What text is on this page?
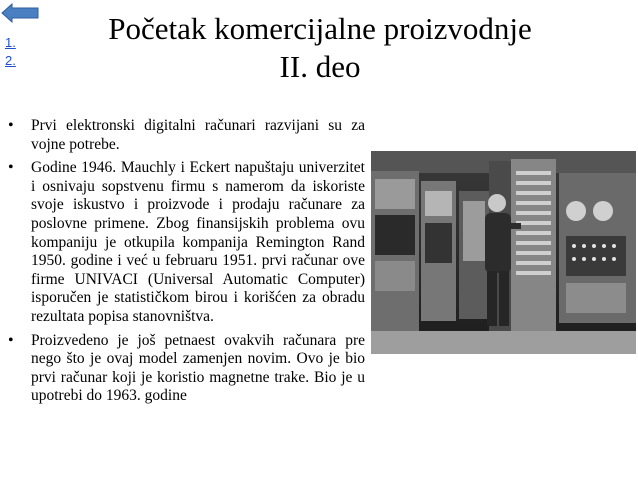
1.
2.
Početak komercijalne proizvodnje
II. deo
• Prvi elektronski digitalni računari razvijani su za vojne potrebe.
• Godine 1946. Mauchly i Eckert napuštaju univerzitet i osnivaju sopstvenu firmu s namerom da iskoriste svoje iskustvo i proizvode i prodaju računare za poslovne primene. Zbog finansijskih problema ovu kompaniju je otkupila kompanija Remington Rand 1950. godine i već u februaru 1951. prvi računar ove firme UNIVACI (Universal Automatic Computer) isporučen je statističkom birou i korišćen za obradu rezultata popisa stanovništva.
• Proizvedeno je još petnaest ovakvih računara pre nego što je ovaj model zamenjen novim. Ovo je bio prvi računar koji je koristio magnetne trake. Bio je u upotrebi do 1963. godine
